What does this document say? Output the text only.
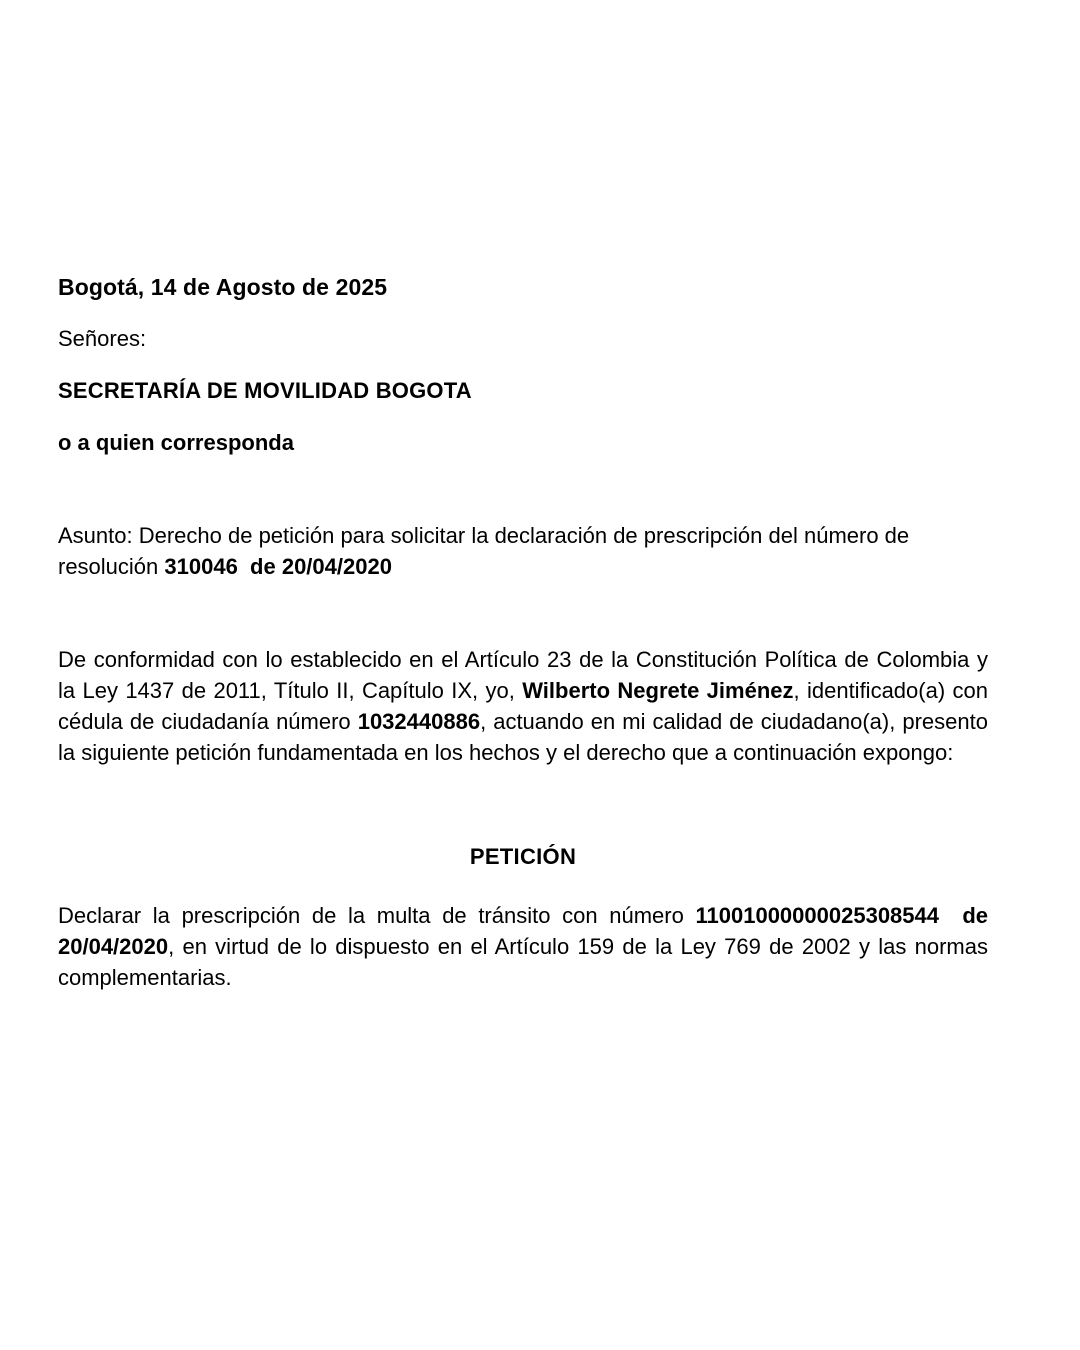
Bogotá, 14 de Agosto de 2025
Señores:
SECRETARÍA DE MOVILIDAD BOGOTA
o a quien corresponda
Asunto: Derecho de petición para solicitar la declaración de prescripción del número de resolución 310046  de 20/04/2020
De conformidad con lo establecido en el Artículo 23 de la Constitución Política de Colombia y la Ley 1437 de 2011, Título II, Capítulo IX, yo, Wilberto Negrete Jiménez, identificado(a) con cédula de ciudadanía número 1032440886, actuando en mi calidad de ciudadano(a), presento la siguiente petición fundamentada en los hechos y el derecho que a continuación expongo:
PETICIÓN
Declarar la prescripción de la multa de tránsito con número 11001000000025308544  de 20/04/2020, en virtud de lo dispuesto en el Artículo 159 de la Ley 769 de 2002 y las normas complementarias.
